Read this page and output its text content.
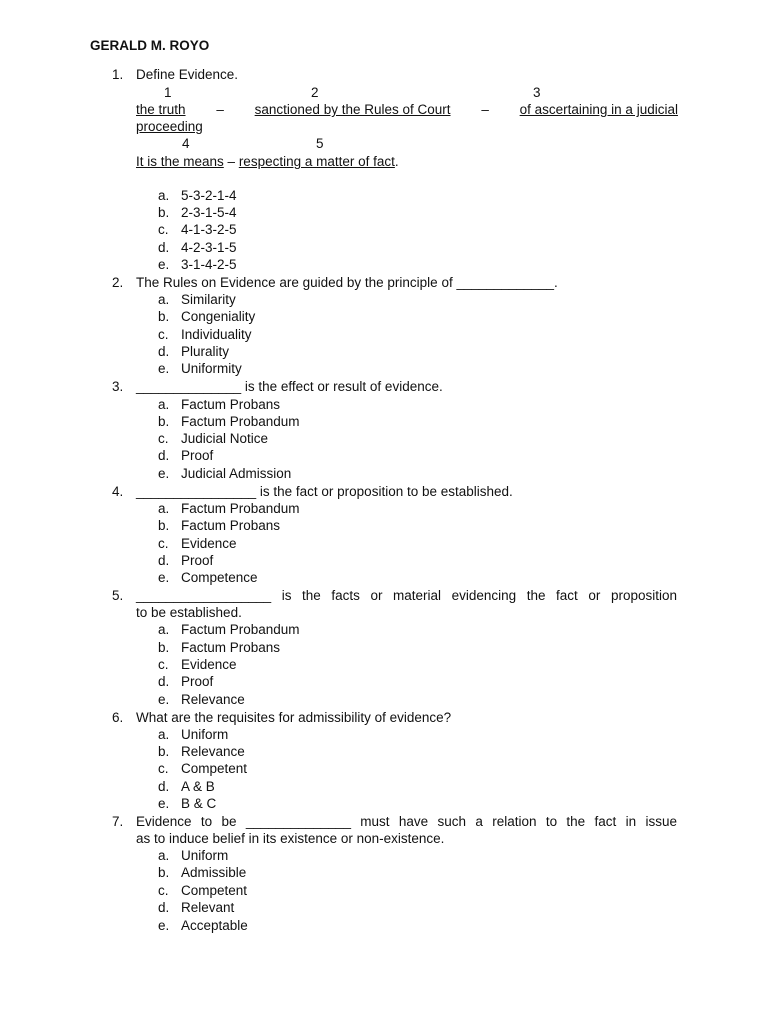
GERALD M. ROYO
1. Define Evidence.
1	2	3
the truth – sanctioned by the Rules of Court – of ascertaining in a judicial
proceeding
4	5
It is the means – respecting a matter of fact.
a. 5-3-2-1-4
b. 2-3-1-5-4
c. 4-1-3-2-5
d. 4-2-3-1-5
e. 3-1-4-2-5
2. The Rules on Evidence are guided by the principle of _____________.
a. Similarity
b. Congeniality
c. Individuality
d. Plurality
e. Uniformity
3. ______________ is the effect or result of evidence.
a. Factum Probans
b. Factum Probandum
c. Judicial Notice
d. Proof
e. Judicial Admission
4. ________________ is the fact or proposition to be established.
a. Factum Probandum
b. Factum Probans
c. Evidence
d. Proof
e. Competence
5. __________________ is the facts or material evidencing the fact or proposition
to be established.
a. Factum Probandum
b. Factum Probans
c. Evidence
d. Proof
e. Relevance
6. What are the requisites for admissibility of evidence?
a. Uniform
b. Relevance
c. Competent
d. A & B
e. B & C
7. Evidence to be ______________ must have such a relation to the fact in issue
as to induce belief in its existence or non-existence.
a. Uniform
b. Admissible
c. Competent
d. Relevant
e. Acceptable
